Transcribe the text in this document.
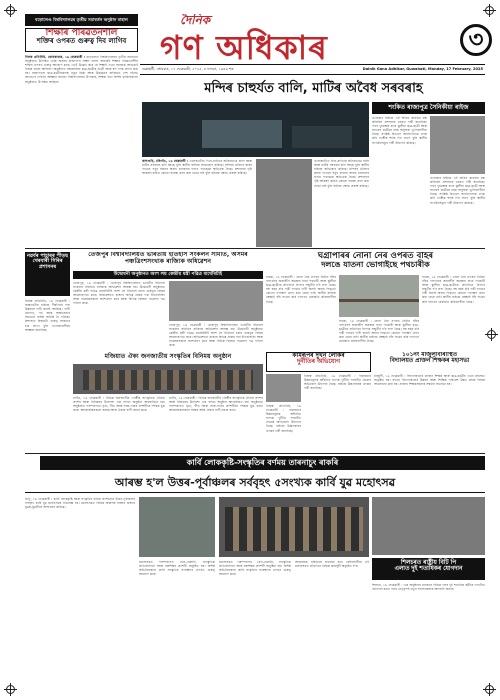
দৈনিক
গণ অধিকাৰ	৩
গুৱাহাটী, সোমবাৰ, ১৭ ফেব্ৰুৱাৰী, ২০২৫, ৪ ফাগুন, ১৯৪৬ শক	Dainik Gana Adhikar, Guwahati, Monday, 17 February, 2025
বড়োলেণ্ড বিশ্ববিদ্যালয়ৰ তৃতীয় সমাবৰ্তন অনুষ্ঠান বাহাল
শিক্ষাৰ পৰিৱৰ্তনশীল
শক্তিৰ ওপৰত গুৰুত্ব দিব লাগিব
নিজস্ব প্ৰতিনিধি, কোকৰাঝাৰ, ১৬ ফেব্ৰুৱাৰী : বড়োলেণ্ড বিশ্ববিদ্যালয়ৰ তৃতীয় সমাবৰ্তন অনুষ্ঠানত উপস্থিত থাকি অসমৰ ৰাজ্যপাল লক্ষ্মণ প্ৰসাদ আচাৰ্যই শিক্ষাৰ পৰিৱৰ্তনশীল শক্তিৰ ওপৰত গুৰুত্ব আৰোপ কৰে। তেওঁ উল্লেখ কৰে যে শিক্ষাই এখন সমাজক আগুৱাই নিয়াৰ প্ৰধান আহিলা। অনুষ্ঠানত বহুকেইজন ছাত্ৰ-ছাত্ৰীক ডিগ্ৰী আৰু স্বৰ্ণ পদক প্ৰদান কৰা হয়। ৰাজ্যপালে ছাত্ৰ-ছাত্ৰীসকলক নতুন চিন্তা আৰু উদ্ভাৱনৰ জৰিয়তে দেশ গঠনত আগভাগ ল'বলৈ আহ্বান জনায়। বিশ্ববিদ্যালয়ৰ উপাচাৰ্য, শিক্ষক তথা বিশিষ্ট ব্যক্তিসকলো অনুষ্ঠানত উপস্থিত আছিল।	মন্দিৰ চাহুৰ্যত বালি, মাটিৰ অবৈধ সৰবৰাহ
কালগুড়ি, মৰিগাঁও, ১৬ ফেব্ৰুৱাৰী : এলেকাটোত দিনে-ৰাতিয়ে অবৈধভাৱে বালি আৰু মাটিৰ সৰবৰাহ চলি আছে বুলি স্থানীয় ৰাইজে অভিযোগ কৰিছে। মন্দিৰৰ চৌহদৰ কাষৰ পথেৰে গধুৰ বাহনৰ অবাধ চলাচলৰ ফলত পথছোৱা ক্ষতিগ্ৰস্ত হৈছে। প্ৰশাসনৰ দৃষ্টি আকৰ্ষণ কৰিও কোনো ব্যৱস্থা গ্ৰহণ কৰা হোৱা নাই বুলি ৰাইজে ক্ষোভ প্ৰকাশ কৰিছে।
এলেকাটোত দিনে-ৰাতিয়ে অবৈধভাৱে বালি আৰু মাটিৰ সৰবৰাহ চলি আছে বুলি স্থানীয় ৰাইজে অভিযোগ কৰিছে। মন্দিৰৰ চৌহদৰ কাষৰ পথেৰে গধুৰ বাহনৰ অবাধ চলাচলৰ ফলত পথছোৱা ক্ষতিগ্ৰস্ত হৈছে। প্ৰশাসনৰ দৃষ্টি আকৰ্ষণ কৰিও কোনো ব্যৱস্থা গ্ৰহণ কৰা হোৱা নাই বুলি ৰাইজে ক্ষোভ প্ৰকাশ কৰিছে।
শংকিত ৰাজ্যপুত্ৰ সৈনিকীয়া ৰাইজ
এলেকাৰ ৰাইজে এই অবৈধ কাৰবাৰ বন্ধ কৰিবলৈ প্ৰশাসনৰ ওচৰত দাবী জনাইছে। পথৰ দুৰৱস্থাৰ বাবে স্কুলীয়া ছাত্ৰ-ছাত্ৰী আৰু সাধাৰণ যাত্ৰীয়ে চৰম অসুবিধা ভুগিবলগীয়া হৈছে। সংশ্লিষ্ট বিভাগে অনতিপলমে তদন্ত কৰি দোষীক শাস্তি দিব লাগে বুলি স্থানীয় সংগঠনসমূহে দাবী উত্থাপন কৰিছে।
এলেকাৰ ৰাইজে এই অবৈধ কাৰবাৰ বন্ধ কৰিবলৈ প্ৰশাসনৰ ওচৰত দাবী জনাইছে। পথৰ দুৰৱস্থাৰ বাবে স্কুলীয়া ছাত্ৰ-ছাত্ৰী আৰু সাধাৰণ যাত্ৰীয়ে চৰম অসুবিধা ভুগিবলগীয়া হৈছে। সংশ্লিষ্ট বিভাগে অনতিপলমে তদন্ত কৰি দোষীক শাস্তি দিব লাগে বুলি স্থানীয় সংগঠনসমূহে দাবী উত্থাপন কৰিছে।
নৱৰ্বৰ পাহাৰৰ পীড়ছ খেৰবাৰী গিৰিৰ প্ৰশাসনৰ
নিজস্ব প্ৰতিনিধি, ১৬ ফেব্ৰুৱাৰী : অঞ্চলটোৰ ৰাইজে দীৰ্ঘদিনৰ পৰা উন্নয়নৰ দাবী জনাই আহিছে। পানী যোগান, পথ আৰু স্বাস্থ্যসেৱাৰ অভাৱত ৰাইজ অতিষ্ঠ হৈ পৰিছে। প্ৰশাসনে বিষয়টো গুৰুত্ব সহকাৰে চাব লাগে বুলি এলেকাবাসীয়ে আহ্বান জনাইছে।
তেজপুৰ বিশ্ববিদ্যালয়ত ভাৰতীয় ইতিহাস সংকলন সমিতি, অসমৰ পঞ্চত্ৰিংশসংখ্যক ৰাজ্যিক অধিৱেশন
উদ্বোধনী অনুষ্ঠানত অংশ লয় কেন্দ্ৰীয় মন্ত্ৰী পৱিত্ৰ মাৰ্ঘেৰিটাই
তেজপুৰ, ১৬ ফেব্ৰুৱাৰী : তেজপুৰ বিশ্ববিদ্যালয়ত ভাৰতীয় ইতিহাস সংকলন সমিতিৰ ৰাজ্যিক অধিৱেশন আৰম্ভ হয়। উদ্বোধনী অনুষ্ঠানত কেন্দ্ৰীয় মন্ত্ৰী পৱিত্ৰ মাৰ্ঘেৰিটাই অংশ লৈ ইতিহাস চৰ্চাৰ গুৰুত্বৰ বিষয়ে আলোকপাত কৰে। অধিৱেশনত ৰাজ্যৰ বিভিন্ন প্ৰান্তৰ পৰা ইতিহাসবিদ আৰু গৱেষকসকলে অংশগ্ৰহণ কৰে আৰু বিভিন্ন বিষয়ত গৱেষণা পত্ৰ দাখিল কৰে।
তেজপুৰ, ১৬ ফেব্ৰুৱাৰী : তেজপুৰ বিশ্ববিদ্যালয়ত ভাৰতীয় ইতিহাস সংকলন সমিতিৰ ৰাজ্যিক অধিৱেশন আৰম্ভ হয়। উদ্বোধনী অনুষ্ঠানত কেন্দ্ৰীয় মন্ত্ৰী পৱিত্ৰ মাৰ্ঘেৰিটাই অংশ লৈ ইতিহাস চৰ্চাৰ গুৰুত্বৰ বিষয়ে আলোকপাত কৰে। অধিৱেশনত ৰাজ্যৰ বিভিন্ন প্ৰান্তৰ পৰা ইতিহাসবিদ আৰু গৱেষকসকলে অংশগ্ৰহণ কৰে আৰু বিভিন্ন বিষয়ত গৱেষণা পত্ৰ দাখিল কৰে।
মজিয়াত ঐক্য জনজাতীয় সংস্কৃতিৰ বিনিময় অনুষ্ঠান
নগাঁও, ১৬ ফেব্ৰুৱাৰী : বিভিন্ন জনজাতীয় গোষ্ঠীৰ সাংস্কৃতিক ঐতিহ্য প্ৰদৰ্শন আৰু বিনিময়ৰ উদ্দেশ্যে এক বৰ্ণাঢ্য অনুষ্ঠান আয়োজিত হয়। অনুষ্ঠানত পৰম্পৰাগত নৃত্য, গীত আৰু সাজ-পাৰৰ প্ৰদৰ্শনীয়ে দৰ্শকক মুগ্ধ কৰে। আয়োজকসকলে সমন্বয় আৰু ঐক্যৰ বাণী প্ৰচাৰ কৰে।
নগাঁও, ১৬ ফেব্ৰুৱাৰী : বিভিন্ন জনজাতীয় গোষ্ঠীৰ সাংস্কৃতিক ঐতিহ্য প্ৰদৰ্শন আৰু বিনিময়ৰ উদ্দেশ্যে এক বৰ্ণাঢ্য অনুষ্ঠান আয়োজিত হয়। অনুষ্ঠানত পৰম্পৰাগত নৃত্য, গীত আৰু সাজ-পাৰৰ প্ৰদৰ্শনীয়ে দৰ্শকক মুগ্ধ কৰে। আয়োজকসকলে সমন্বয় আৰু ঐক্যৰ বাণী প্ৰচাৰ কৰে।
ঘগ্ৰাপাৰৰ নোনা নৈৰ ওপৰত বাঁহৰ
দলঙে যাতনা ভোগাইছে পথচাৰীক
বাকো, ১৬ ফেব্ৰুৱাৰী : নোনা নৈৰ ওপৰত নিৰ্মিত বাঁহৰ দলংখনৰ জৰাজীৰ্ণ অৱস্থাৰ বাবে পথচাৰী আৰু স্কুলীয়া ছাত্ৰ-ছাত্ৰীয়ে প্ৰতিদিনে বিপদৰ সন্মুখীন হ'ব লগা হৈছে। বহু বছৰ ধৰি পকী দলঙৰ দাবী জনাই অহাৰ পিছতো কোনো পদক্ষেপ গ্ৰহণ কৰা হোৱা নাই। স্থানীয় ৰাইজে স্বেচ্ছাই বাঁহ সংগ্ৰহ কৰি দলংখন মেৰামতি কৰিবলগীয়া হৈছে।
বাকো, ১৬ ফেব্ৰুৱাৰী : নোনা নৈৰ ওপৰত নিৰ্মিত বাঁহৰ দলংখনৰ জৰাজীৰ্ণ অৱস্থাৰ বাবে পথচাৰী আৰু স্কুলীয়া ছাত্ৰ-ছাত্ৰীয়ে প্ৰতিদিনে বিপদৰ সন্মুখীন হ'ব লগা হৈছে। বহু বছৰ ধৰি পকী দলঙৰ দাবী জনাই অহাৰ পিছতো কোনো পদক্ষেপ গ্ৰহণ কৰা হোৱা নাই। স্থানীয় ৰাইজে স্বেচ্ছাই বাঁহ সংগ্ৰহ কৰি দলংখন মেৰামতি কৰিবলগীয়া হৈছে।
বাকো, ১৬ ফেব্ৰুৱাৰী : নোনা নৈৰ ওপৰত নিৰ্মিত বাঁহৰ দলংখনৰ জৰাজীৰ্ণ অৱস্থাৰ বাবে পথচাৰী আৰু স্কুলীয়া ছাত্ৰ-ছাত্ৰীয়ে প্ৰতিদিনে বিপদৰ সন্মুখীন হ'ব লগা হৈছে। বহু বছৰ ধৰি পকী দলঙৰ দাবী জনাই অহাৰ পিছতো কোনো পদক্ষেপ গ্ৰহণ কৰা হোৱা নাই। স্থানীয় ৰাইজে স্বেচ্ছাই বাঁহ সংগ্ৰহ কৰি দলংখন মেৰামতি কৰিবলগীয়া হৈছে।
কামৰূপৰ দুখন লোকৰ
দুৰ্নীতিৰ অভিযোগ
নিজস্ব প্ৰতিনিধি, ১৬ ফেব্ৰুৱাৰী : পঞ্চায়তৰ উন্নয়নমূলক আঁচনিত ব্যাপক দুৰ্নীতি সংঘটিত হোৱাৰ অভিযোগ উত্থাপন হৈছে। ৰাইজে উচ্চপৰ্যায়ৰ তদন্তৰ দাবী জনাইছে।
নিজস্ব প্ৰতিনিধি, ১৬ ফেব্ৰুৱাৰী : পঞ্চায়তৰ উন্নয়নমূলক আঁচনিত ব্যাপক দুৰ্নীতি সংঘটিত হোৱাৰ অভিযোগ উত্থাপন হৈছে। ৰাইজে উচ্চপৰ্যায়ৰ তদন্তৰ দাবী জনাইছে।
১০১নং মাজুলীবাৰীস্থিত
বিদ্যালয়ত প্ৰাক্তন শিক্ষকৰ মহাসভা
মাজুলী, ১৬ ফেব্ৰুৱাৰী : বিদ্যালয়খনৰ প্ৰাক্তন শিক্ষক আৰু ছাত্ৰ-ছাত্ৰীৰ এখন মহাসভা অনুষ্ঠিত হয়। সভাত বিদ্যালয়খনৰ উন্নয়ন আৰু শৈক্ষিক পৰিৱেশ উন্নত কৰাৰ বিষয়ে আলোচনা কৰা হয়। প্ৰাক্তন শিক্ষকসকলক সম্বৰ্ধনা জনোৱা হয়।
কাৰ্বি লোককৃষ্টি-সংস্কৃতিৰ বৰ্ণময় তাৰনাচুং ৰাকৰি
আৰম্ভ হ'ল উত্তৰ-পূৰ্বাঞ্চলৰ সৰ্ববৃহৎ ৫সংখ্যক কাৰ্বি যুৱ মহোৎসৱ
ডিফু, ১৬ ফেব্ৰুৱাৰী : কাৰ্বি লোককৃষ্টি আৰু সংস্কৃতিৰ বৰ্ণময় প্ৰদৰ্শনেৰে উত্তৰ-পূৰ্বাঞ্চলৰ সৰ্ববৃহৎ কাৰ্বি যুৱ মহোৎসৱৰ শুভাৰম্ভ হয়। মহোৎসৱত বিভিন্ন অঞ্চলৰ হাজাৰ হাজাৰ যুৱক-যুৱতীয়ে অংশগ্ৰহণ কৰিছে।
মহোৎসৱত পৰম্পৰাগত খেল-ধেমালি, সাংস্কৃতিক প্ৰতিযোগিতা আৰু হস্তশিল্পৰ প্ৰদৰ্শনী অনুষ্ঠিত হয়। বিশিষ্ট অতিথিসকলে কাৰ্বি সংস্কৃতিৰ সংৰক্ষণৰ ওপৰত গুৰুত্ব আৰোপ কৰে।
মহোৎসৱত পৰম্পৰাগত খেল-ধেমালি, সাংস্কৃতিক প্ৰতিযোগিতা আৰু হস্তশিল্পৰ প্ৰদৰ্শনী অনুষ্ঠিত হয়। বিশিষ্ট অতিথিসকলে কাৰ্বি সংস্কৃতিৰ সংৰক্ষণৰ ওপৰত গুৰুত্ব আৰোপ কৰে।
আয়োজক সমিতিয়ে জনোৱা মতে কেইবাদিনীয়া এই মহোৎসৱত প্ৰতিদিনে বিভিন্ন কাৰ্যসূচী অনুষ্ঠিত হ'ব।
শিলচৰত ৰাষ্ট্ৰীয় বিটি পি
এলাত দুই শতাধিকৰ যোগদান
শিলচৰ, ১৬ ফেব্ৰুৱাৰী : এক অনুষ্ঠানৰ মাজেৰে বিভিন্ন দলৰ দুই শতাধিক কৰ্মীয়ে দলটোত যোগদান কৰে। দলৰ নেতৃবৃন্দই নতুন সদস্যসকলক আদৰণি জনায়।
